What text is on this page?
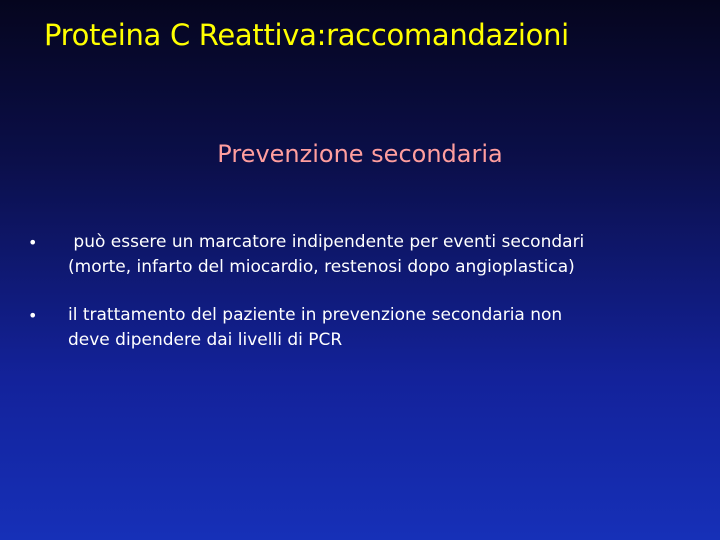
Proteina C Reattiva:raccomandazioni
Prevenzione secondaria
• può essere un marcatore indipendente per eventi secondari
(morte, infarto del miocardio, restenosi dopo angioplastica)
• il trattamento del paziente in prevenzione secondaria non
deve dipendere dai livelli di PCR
